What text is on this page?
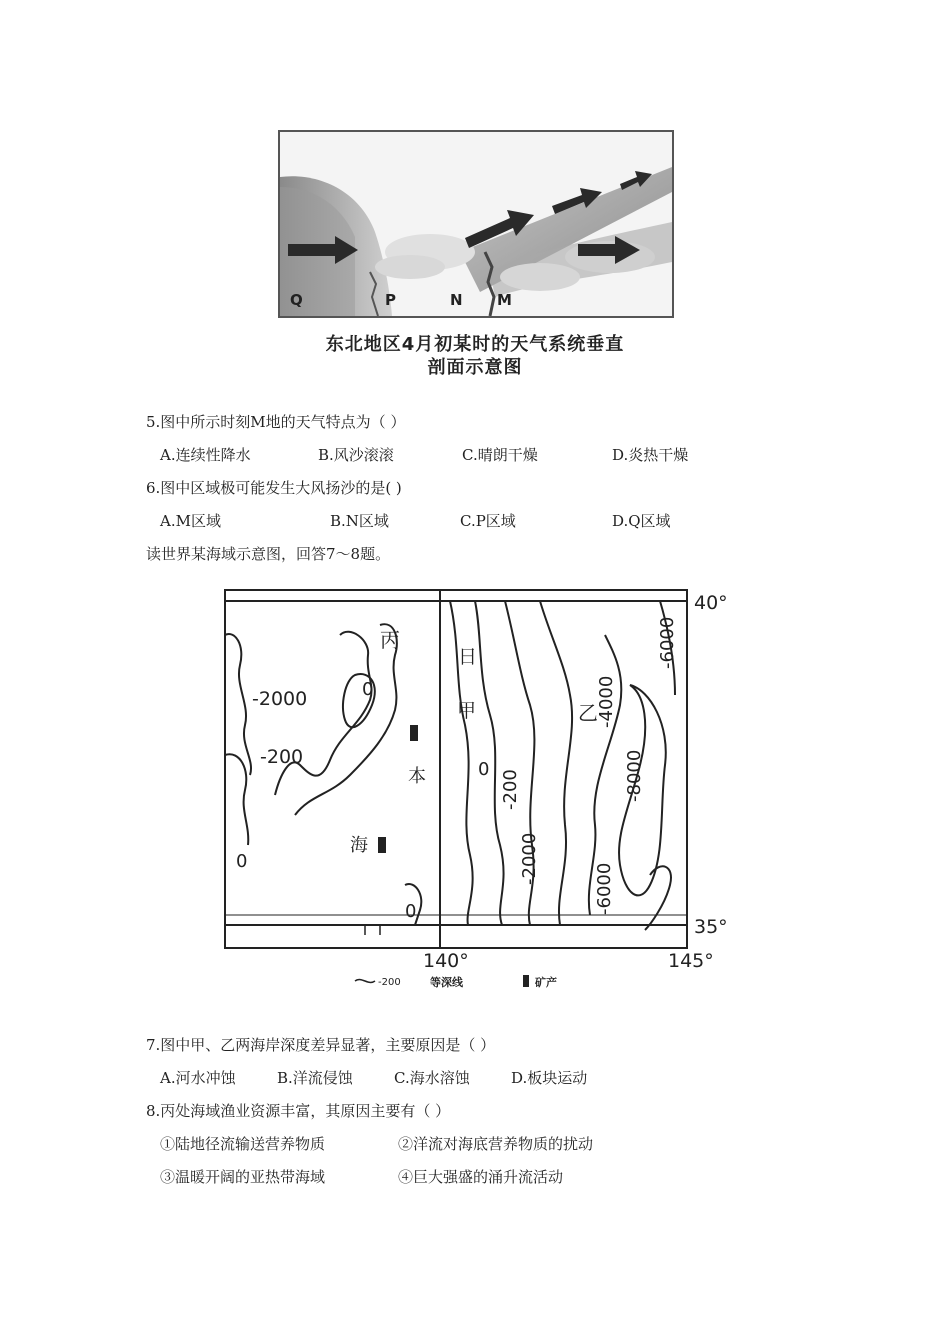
Q	P	N M
东北地区4月初某时的天气系统垂直
剖面示意图
5.图中所示时刻M地的天气特点为（ ）
A.连续性降水	B.风沙滚滚	C.晴朗干燥	D.炎热干燥
6.图中区域极可能发生大风扬沙的是( )
A.M区域	B.N区域	C.P区域	D.Q区域
读世界某海域示意图，回答7～8题。
-2000	0
-200
0
0
0 -200
-2000
-4000
-6000
-8000
-6000
丙
日
甲	乙
本
海
40°
35°
140°	145°
-200	等深线	矿产
7.图中甲、乙两海岸深度差异显著，主要原因是（ ）
A.河水冲蚀	B.洋流侵蚀	C.海水溶蚀	D.板块运动
8.丙处海域渔业资源丰富，其原因主要有（ ）
①陆地径流输送营养物质	②洋流对海底营养物质的扰动
③温暖开阔的亚热带海域	④巨大强盛的涌升流活动
